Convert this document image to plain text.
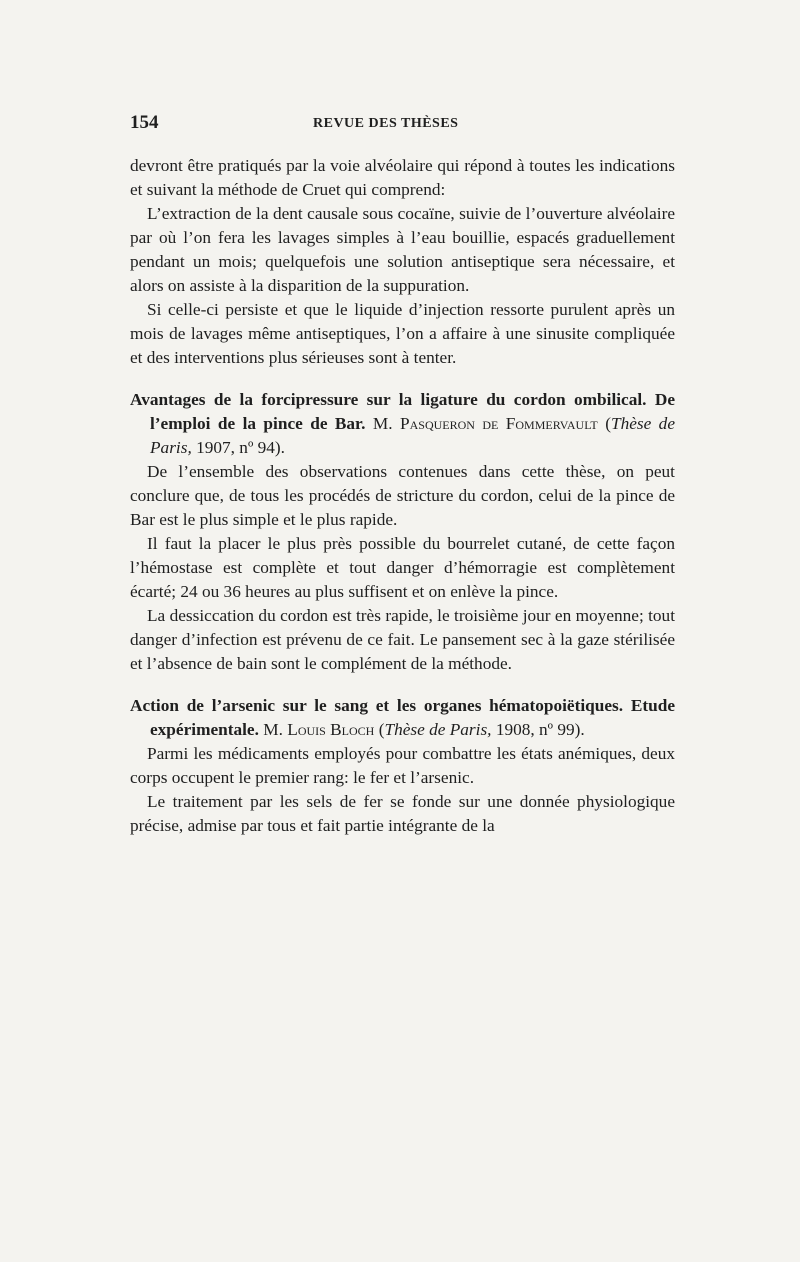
154	REVUE DES THÈSES

devront être pratiqués par la voie alvéolaire qui répond à toutes les indications et suivant la méthode de Cruet qui comprend:

L’extraction de la dent causale sous cocaïne, suivie de l’ouverture alvéolaire par où l’on fera les lavages simples à l’eau bouillie, espacés graduellement pendant un mois; quelquefois une solution antiseptique sera nécessaire, et alors on assiste à la disparition de la suppuration.

Si celle-ci persiste et que le liquide d’injection ressorte purulent après un mois de lavages même antiseptiques, l’on a affaire à une sinusite compliquée et des interventions plus sérieuses sont à tenter.

Avantages de la forcipressure sur la ligature du cordon ombilical. De l’emploi de la pince de Bar. M. Pasqueron de Fommervault (Thèse de Paris, 1907, nº 94).

De l’ensemble des observations contenues dans cette thèse, on peut conclure que, de tous les procédés de stricture du cordon, celui de la pince de Bar est le plus simple et le plus rapide.

Il faut la placer le plus près possible du bourrelet cutané, de cette façon l’hémostase est complète et tout danger d’hémorragie est complètement écarté; 24 ou 36 heures au plus suffisent et on enlève la pince.

La dessiccation du cordon est très rapide, le troisième jour en moyenne; tout danger d’infection est prévenu de ce fait. Le pansement sec à la gaze stérilisée et l’absence de bain sont le complément de la méthode.

Action de l’arsenic sur le sang et les organes hématopoiëtiques. Etude expérimentale. M. Louis Bloch (Thèse de Paris, 1908, nº 99).

Parmi les médicaments employés pour combattre les états anémiques, deux corps occupent le premier rang: le fer et l’arsenic.

Le traitement par les sels de fer se fonde sur une donnée physiologique précise, admise par tous et fait partie intégrante de la
